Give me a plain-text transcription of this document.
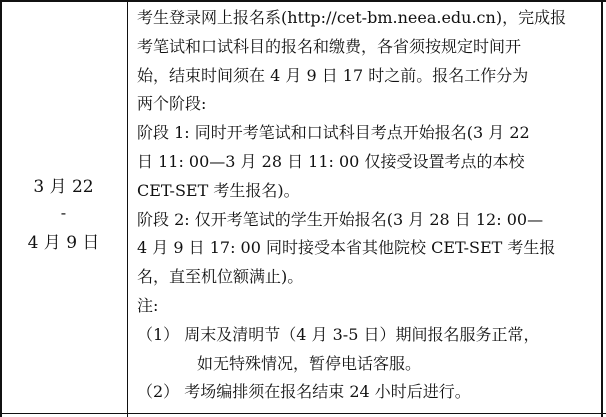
3 月 22
-
4 月 9 日
考生登录网上报名系(http://cet-bm.neea.edu.cn)，完成报
考笔试和口试科目的报名和缴费，各省须按规定时间开
始，结束时间须在 4 月 9 日 17 时之前。报名工作分为
两个阶段:
阶段 1: 同时开考笔试和口试科目考点开始报名(3 月 22
日 11: 00—3 月 28 日 11: 00 仅接受设置考点的本校
CET-SET 考生报名)。
阶段 2: 仅开考笔试的学生开始报名(3 月 28 日 12: 00—
4 月 9 日 17: 00 同时接受本省其他院校 CET-SET 考生报
名，直至机位额满止)。
注:
（1） 周末及清明节（4 月 3-5 日）期间报名服务正常，
如无特殊情况，暂停电话客服。
（2） 考场编排须在报名结束 24 小时后进行。
